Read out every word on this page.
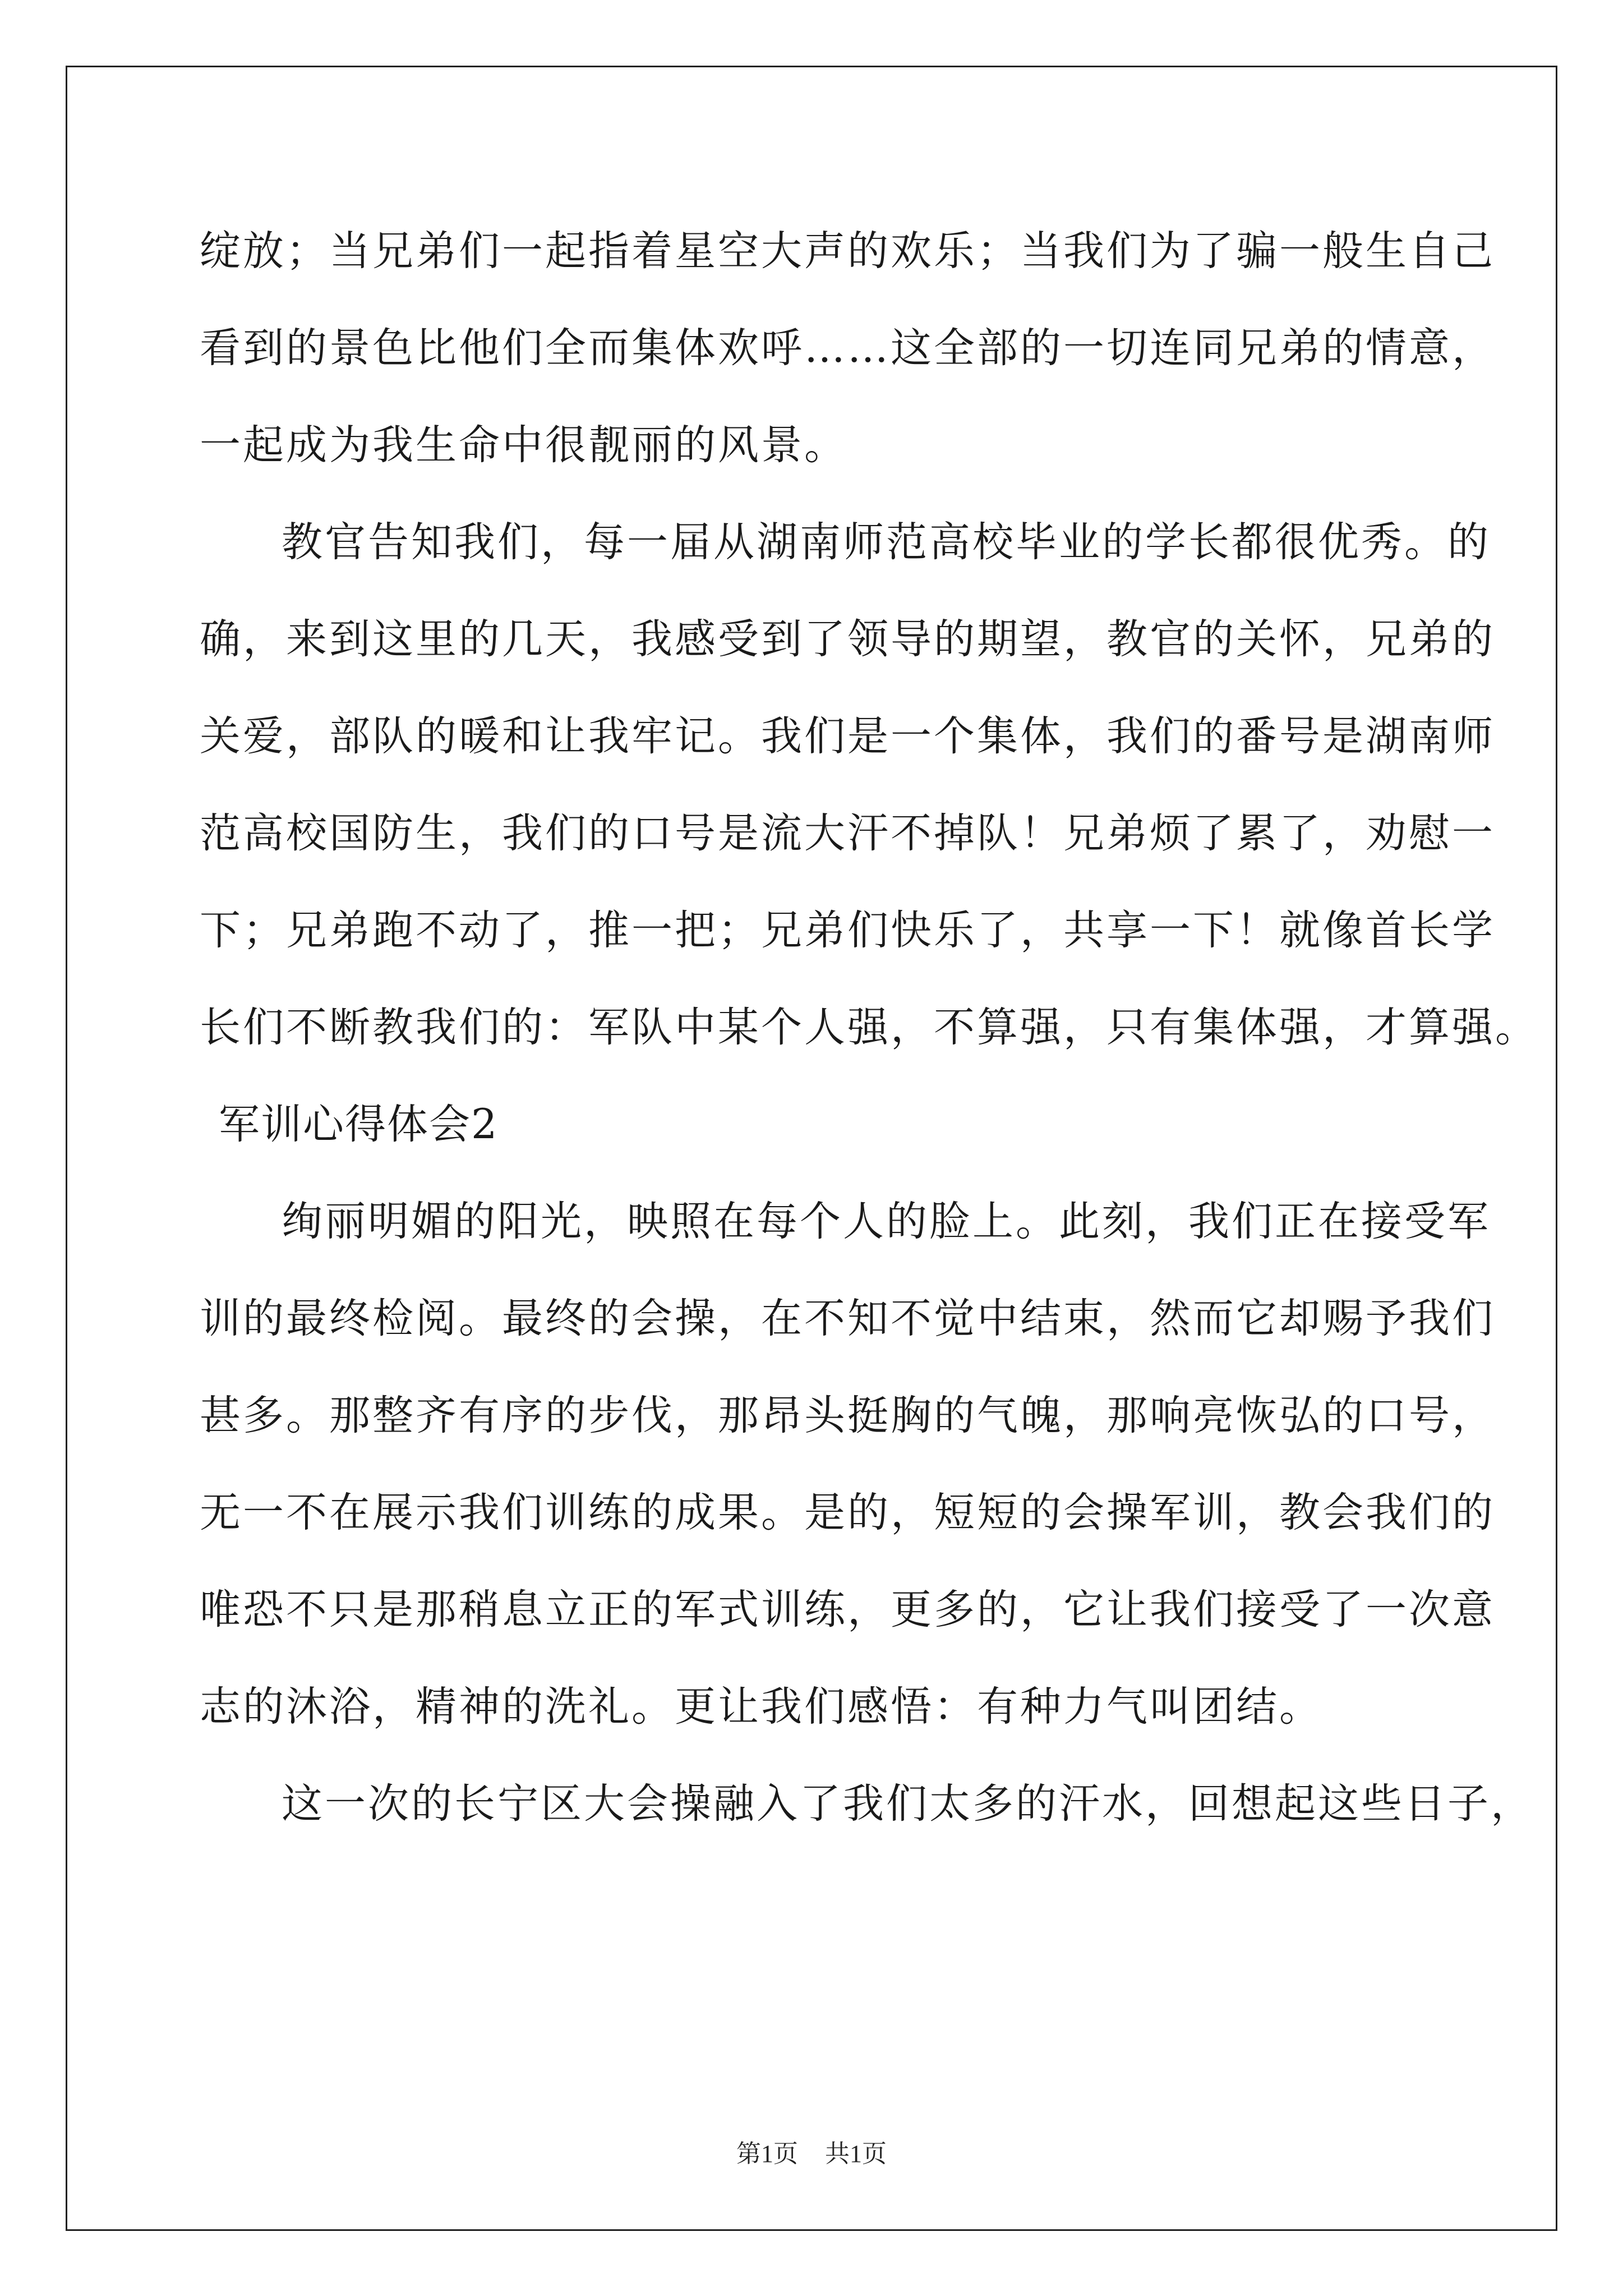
绽放；当兄弟们一起指着星空大声的欢乐；当我们为了骗一般生自己
看到的景色比他们全而集体欢呼……这全部的一切连同兄弟的情意，
一起成为我生命中很靓丽的风景。
教官告知我们，每一届从湖南师范高校毕业的学长都很优秀。的
确，来到这里的几天，我感受到了领导的期望，教官的关怀，兄弟的
关爱，部队的暖和让我牢记。我们是一个集体，我们的番号是湖南师
范高校国防生，我们的口号是流大汗不掉队！兄弟烦了累了，劝慰一
下；兄弟跑不动了，推一把；兄弟们快乐了，共享一下！就像首长学
长们不断教我们的：军队中某个人强，不算强，只有集体强，才算强。
军训心得体会2
绚丽明媚的阳光，映照在每个人的脸上。此刻，我们正在接受军
训的最终检阅。最终的会操，在不知不觉中结束，然而它却赐予我们
甚多。那整齐有序的步伐，那昂头挺胸的气魄，那响亮恢弘的口号，
无一不在展示我们训练的成果。是的，短短的会操军训，教会我们的
唯恐不只是那稍息立正的军式训练，更多的，它让我们接受了一次意
志的沐浴，精神的洗礼。更让我们感悟：有种力气叫团结。
这一次的长宁区大会操融入了我们太多的汗水，回想起这些日子，
第1页 共1页
